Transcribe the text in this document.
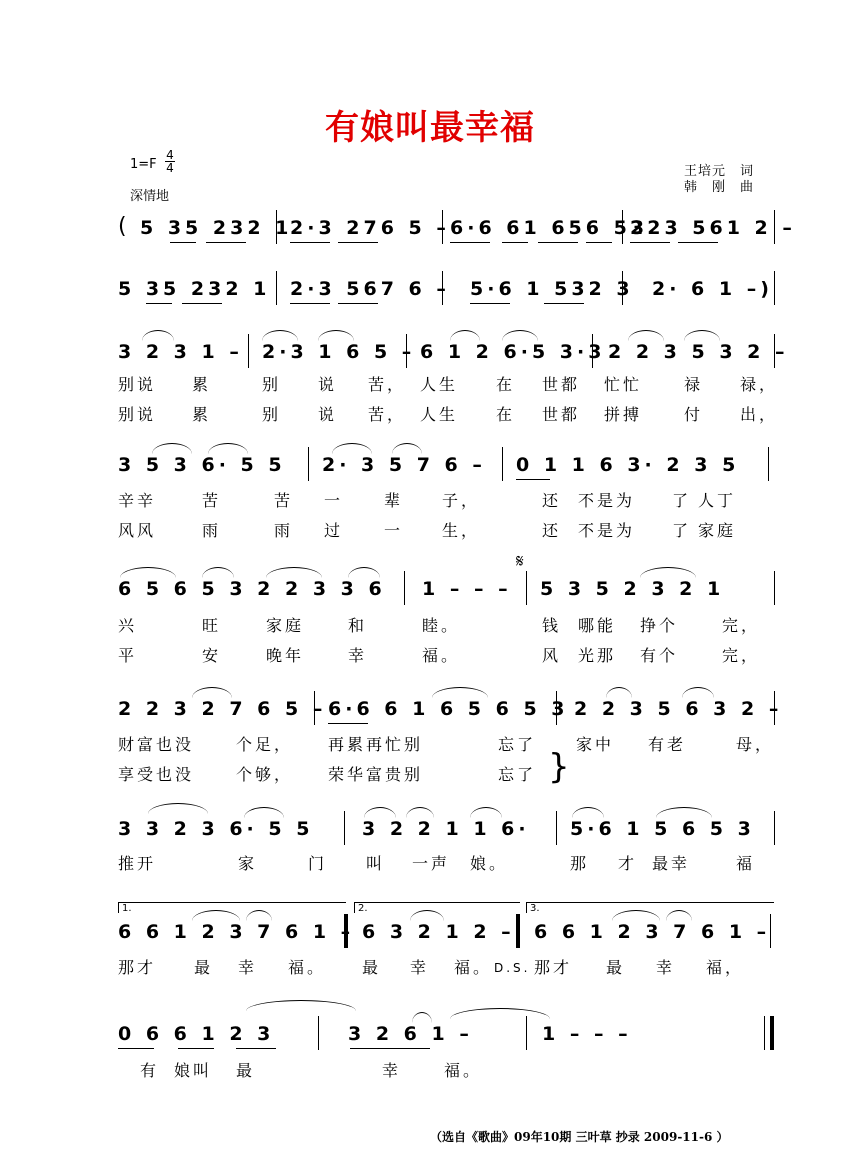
有娘叫最幸福
1=F
4
4
深情地
王培元　词
韩　刚　曲
( 5 35 232 1
2·3 276 5 – 6·6 61 656 53
223 561 2 –
5 35 232 1 2·3 567 6 – 5·6 1 532 3 2· 6 1 –)
3 2 3 1 – 2·3 1 6 5 – 6 1 2 6·5 3·3 2 2 3 5 3 2 –
别说 累	别 说 苦， 人生 在 世都 忙忙	禄 禄，
别说 累	别 说 苦， 人生 在 世都 拼搏	付 出，
3 5 3 6· 5 5 2· 3 5 7 6 – 0 1 1 6 3· 2 3 5
辛辛	苦	苦 一	辈 子，	还 不是为 了 人丁
风风	雨	雨 过	一 生，	还 不是为 了 家庭
6 5 6 5 3 2 2 3 3 6 1 – – –
𝄋
5 3 5 2 3 2 1
兴	旺	家庭	和	睦。	钱 哪能 挣个	完，
平	安	晚年	幸	福。	风 光那 有个	完，
2 2 3 2 7 6 5 – 6·6 6 1 6 5 6 5 3 2 2 3 5 6 3 2 –
财富也没	个足， 再累再忙别	忘了 家中 有老	母，
享受也没	个够， 荣华富贵别	忘了 }
3 3 2 3 6· 5 5	3 2 2 1 1 6· 5·6 1 5 6 5 3
推开	家	门 叫 一声 娘。	那 才 最幸	福
1.	2.	3.
6 6 1 2 3 7 6 1 – 6 3 2 1 2 – 6 6 1 2 3 7 6 1 –
那才 最 幸 福。 最 幸 福。 D.S. 那才 最 幸 福，
0 6 6 1 2 3	3 2 6 1 –	1 – – –
有 娘叫 最	幸	福。
（选自《歌曲》09年10期 三叶草 抄录 2009-11-6 ）
